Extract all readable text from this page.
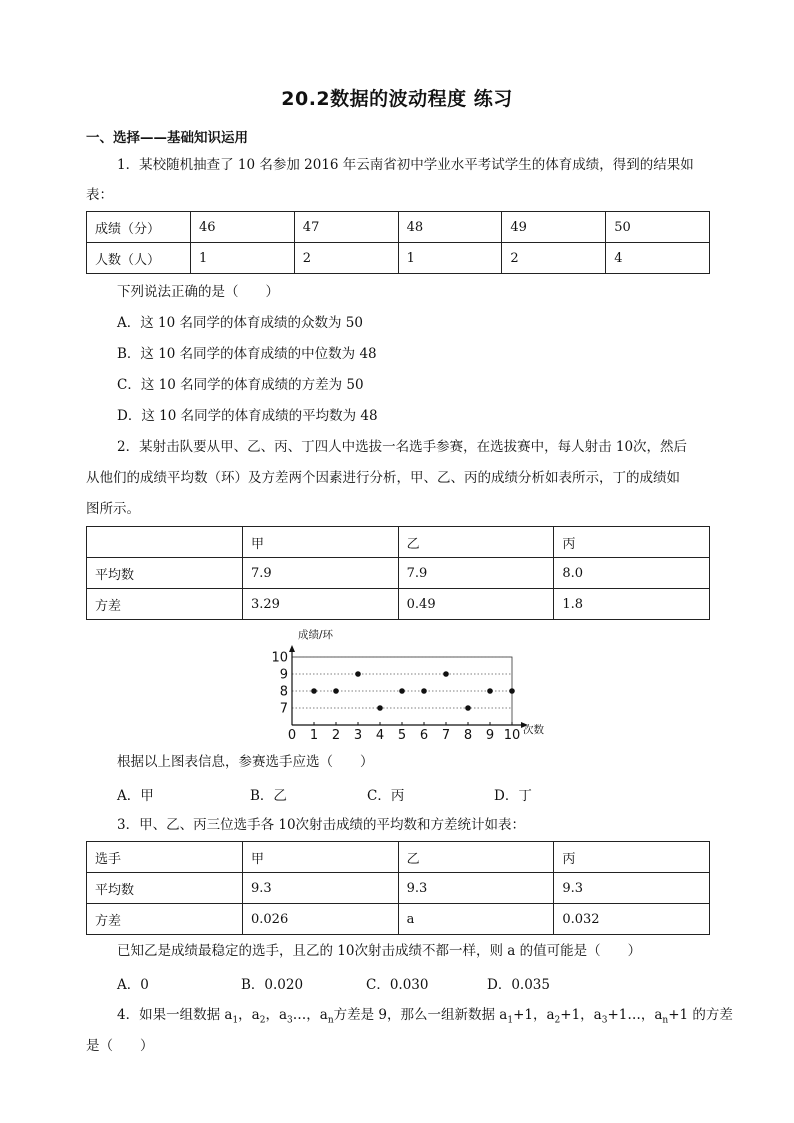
20.2数据的波动程度 练习
一、选择——基础知识运用
1．某校随机抽查了 10 名参加 2016 年云南省初中学业水平考试学生的体育成绩，得到的结果如
表：
成绩（分）	46	47	48	49	50
人数（人）	1	2	1	2	4
下列说法正确的是（　　）
A．这 10 名同学的体育成绩的众数为 50
B．这 10 名同学的体育成绩的中位数为 48
C．这 10 名同学的体育成绩的方差为 50
D．这 10 名同学的体育成绩的平均数为 48
2．某射击队要从甲、乙、丙、丁四人中选拔一名选手参赛，在选拔赛中，每人射击 10次，然后
从他们的成绩平均数（环）及方差两个因素进行分析，甲、乙、丙的成绩分析如表所示，丁的成绩如
图所示。
	甲	乙	丙
平均数	7.9	7.9	8.0
方差	3.29	0.49	1.8
成绩/环
次数
0 1 2 3 4 5 6 7 8 9 10
7
8
9
10
根据以上图表信息，参赛选手应选（　　）
A．甲	B．乙	C．丙	D．丁
3．甲、乙、丙三位选手各 10次射击成绩的平均数和方差统计如表：
选手	甲	乙	丙
平均数	9.3	9.3	9.3
方差	0.026	a	0.032
已知乙是成绩最稳定的选手，且乙的 10次射击成绩不都一样，则 a 的值可能是（　　）
A．0	B．0.020	C．0.030	D．0.035
4．如果一组数据 $a_1$，$a_2$，$a_3\dots$，$a_n$方差是 9，那么一组新数据 $a_1+1$，$a_2+1$，$a_3+1\dots$，$a_n+1$ 的方差
是（　　）
